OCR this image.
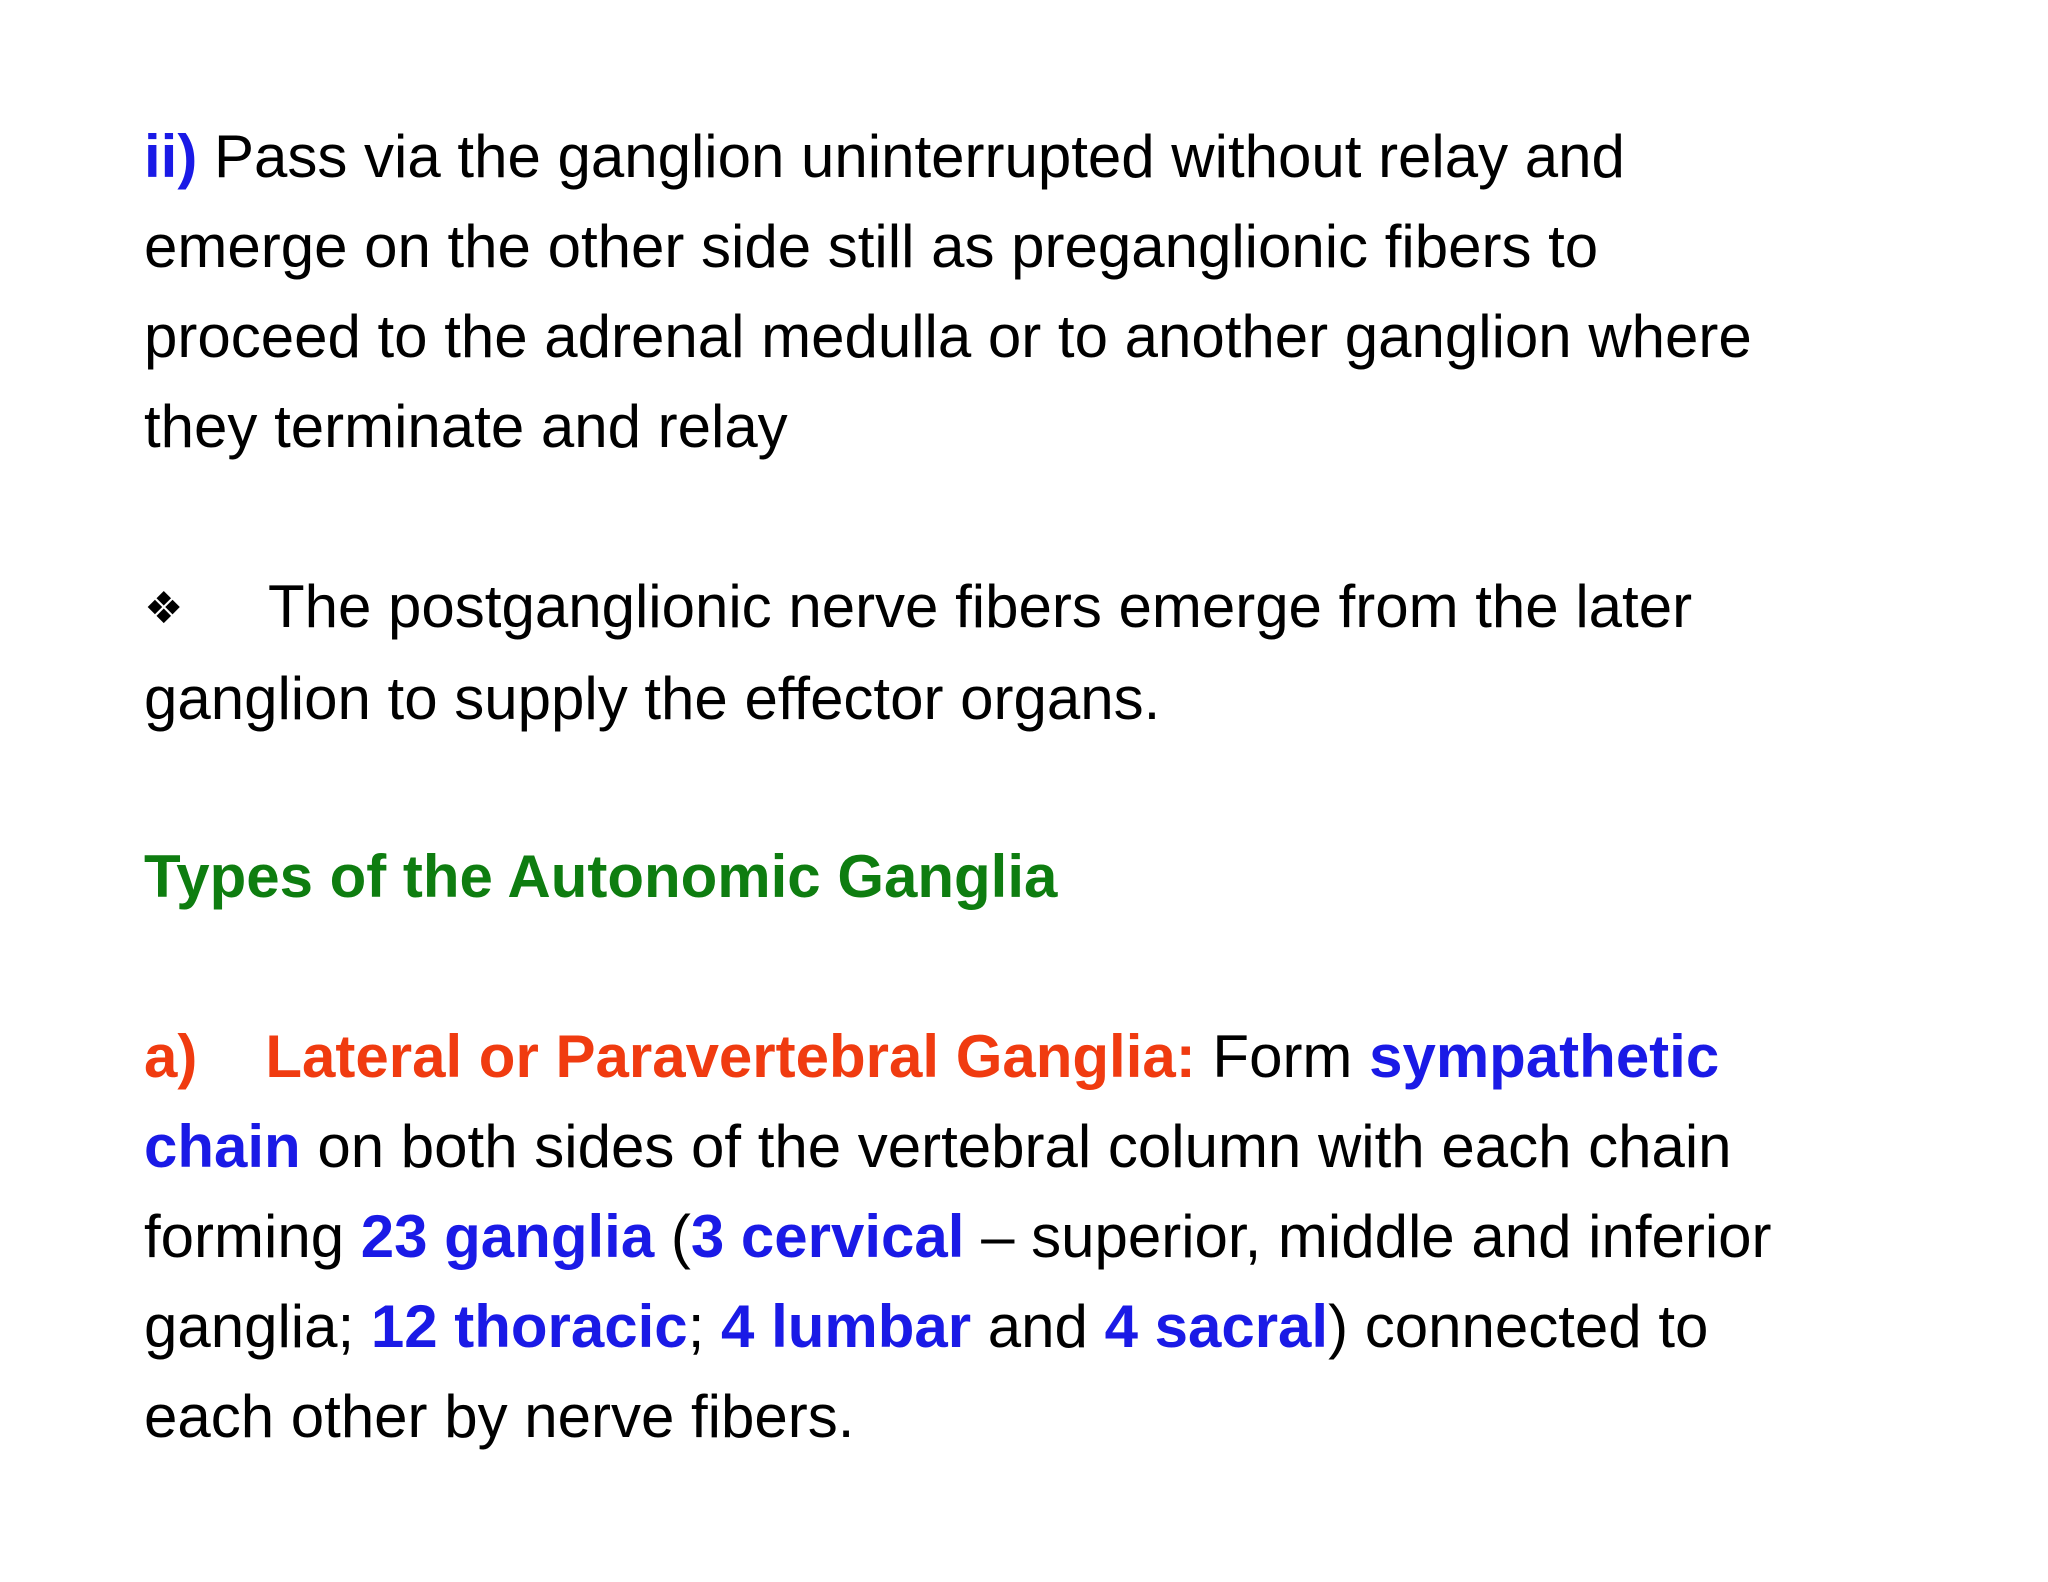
ii) Pass via the ganglion uninterrupted without relay and
emerge on the other side still as preganglionic fibers to
proceed to the adrenal medulla or to another ganglion where
they terminate and relay
❖ The postganglionic nerve fibers emerge from the later
ganglion to supply the effector organs.
Types of the Autonomic Ganglia
a) Lateral or Paravertebral Ganglia: Form sympathetic
chain on both sides of the vertebral column with each chain
forming 23 ganglia (3 cervical – superior, middle and inferior
ganglia; 12 thoracic; 4 lumbar and 4 sacral) connected to
each other by nerve fibers.
